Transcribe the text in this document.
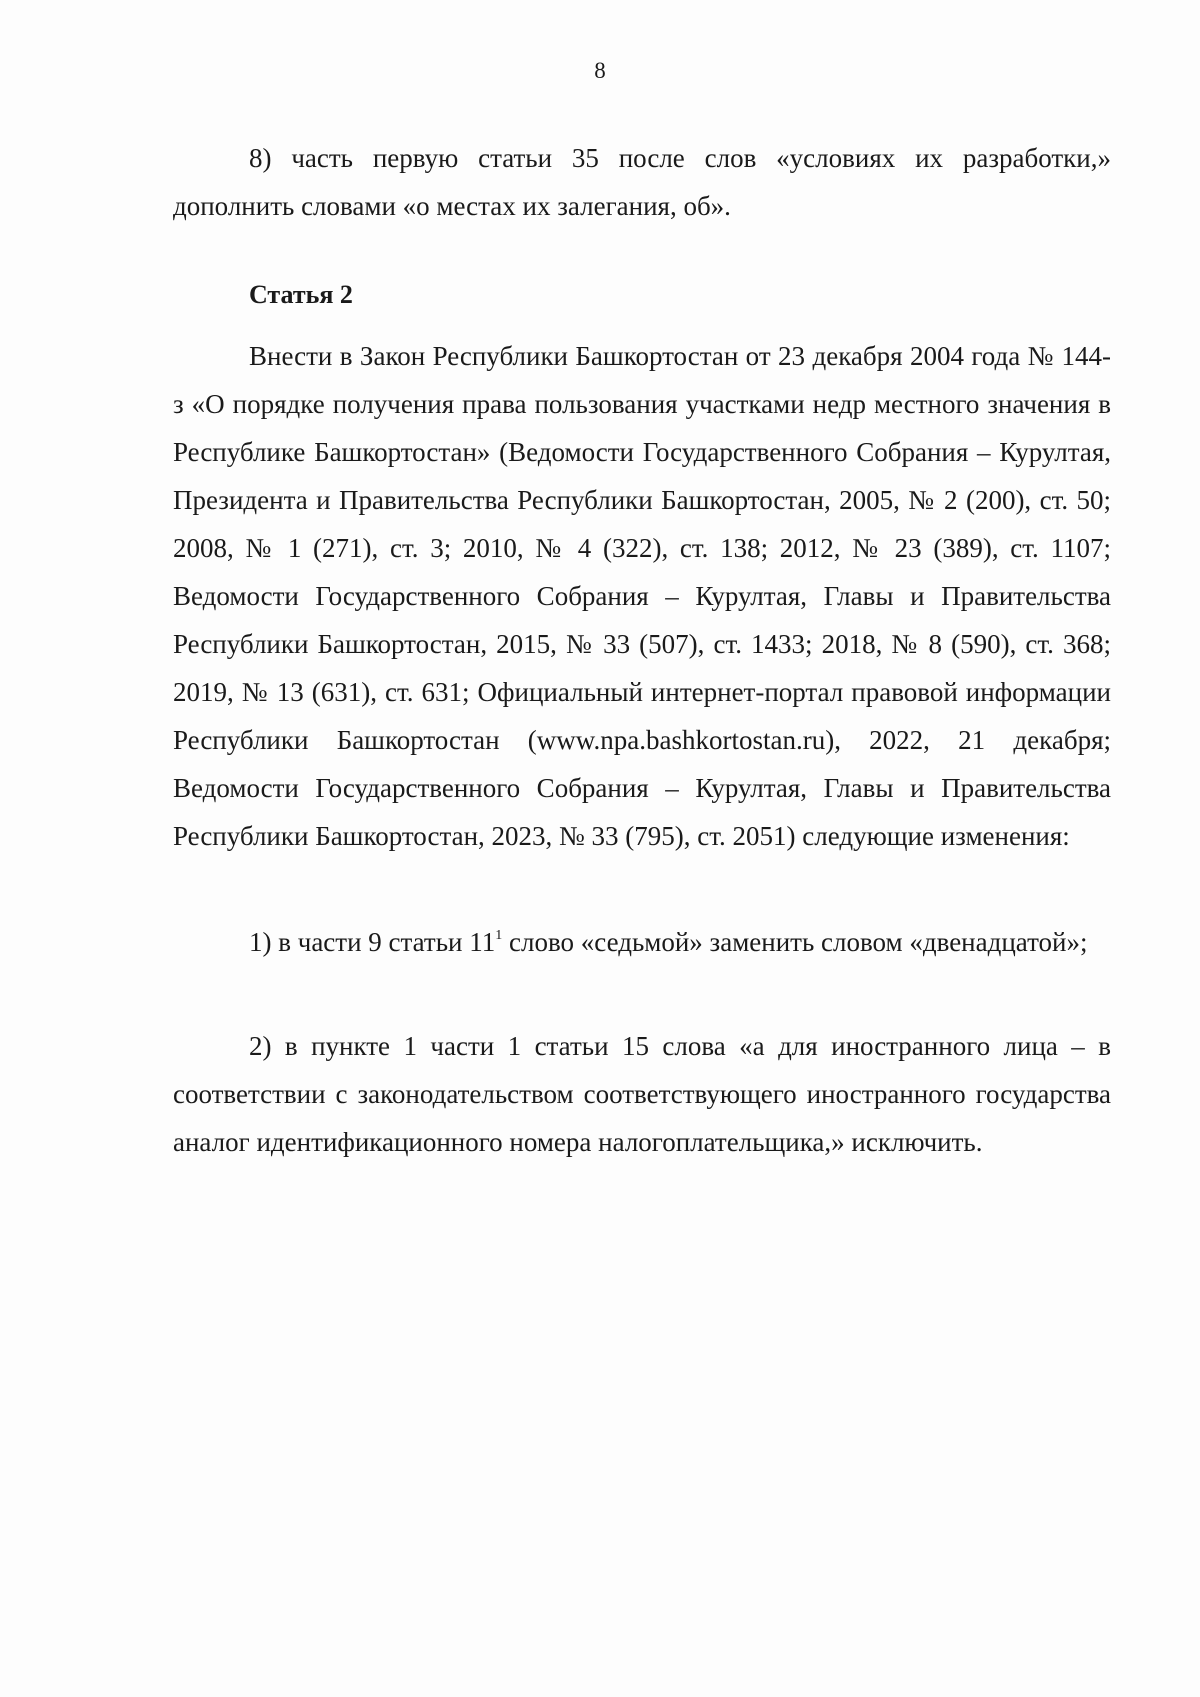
8

8) часть первую статьи 35 после слов «условиях их разработки,» дополнить словами «о местах их залегания, об».

Статья 2

Внести в Закон Республики Башкортостан от 23 декабря 2004 года № 144-з «О порядке получения права пользования участками недр местного значения в Республике Башкортостан» (Ведомости Государственного Собрания – Курултая, Президента и Правительства Республики Башкортостан, 2005, № 2 (200), ст. 50; 2008, № 1 (271), ст. 3; 2010, № 4 (322), ст. 138; 2012, № 23 (389), ст. 1107; Ведомости Государственного Собрания – Курултая, Главы и Правительства Республики Башкортостан, 2015, № 33 (507), ст. 1433; 2018, № 8 (590), ст. 368; 2019, № 13 (631), ст. 631; Официальный интернет-портал правовой информации Республики Башкортостан (www.npa.bashkortostan.ru), 2022, 21 декабря; Ведомости Государственного Собрания – Курултая, Главы и Правительства Республики Башкортостан, 2023, № 33 (795), ст. 2051) следующие изменения:

1) в части 9 статьи $11^1$ слово «седьмой» заменить словом «двенадцатой»;

2) в пункте 1 части 1 статьи 15 слова «а для иностранного лица – в соответствии с законодательством соответствующего иностранного государства аналог идентификационного номера налогоплательщика,» исключить.
